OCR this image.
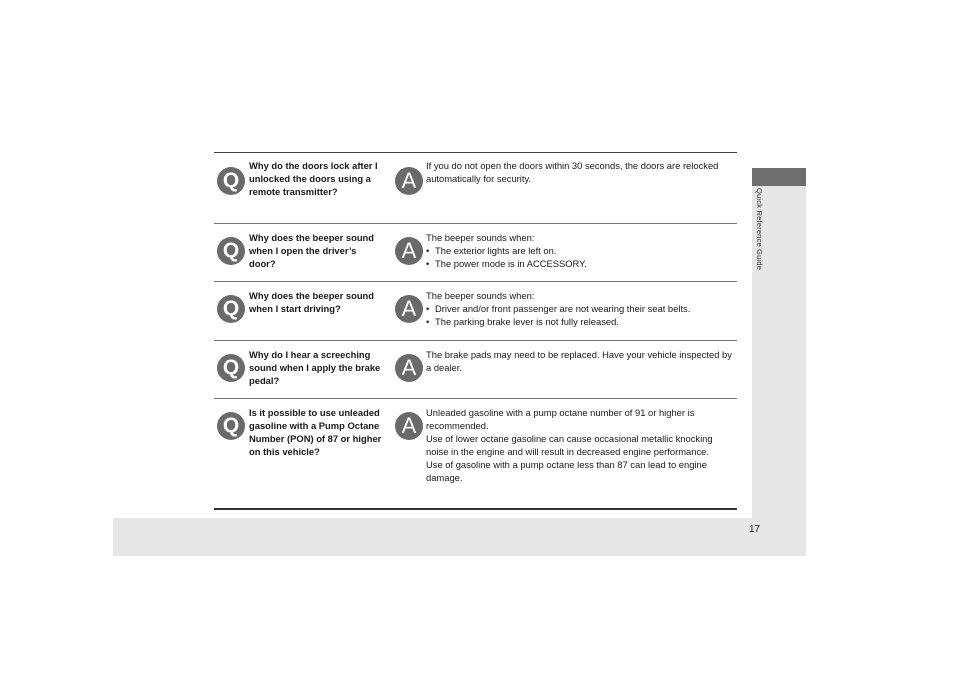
Quick Reference Guide
17
Q
Why do the doors lock after I unlocked the doors using a remote transmitter?	A

If you do not open the doors within 30 seconds, the doors are relocked automatically for security.

Q
Why does the beeper sound when I open the driver’s door?
A

The beeper sounds when:

• The exterior lights are left on.

• The power mode is in ACCESSORY.

Q
Why does the beeper sound when I start driving?	A

The beeper sounds when:

• Driver and/or front passenger are not wearing their seat belts.

• The parking brake lever is not fully released.

Q
Why do I hear a screeching sound when I apply the brake pedal?
A

The brake pads may need to be replaced. Have your vehicle inspected by a dealer.

Q
Is it possible to use unleaded gasoline with a Pump Octane Number (PON) of 87 or higher on this vehicle?
A

Unleaded gasoline with a pump octane number of 91 or higher is recommended.

Use of lower octane gasoline can cause occasional metallic knocking noise in the engine and will result in decreased engine performance.

Use of gasoline with a pump octane less than 87 can lead to engine damage.
